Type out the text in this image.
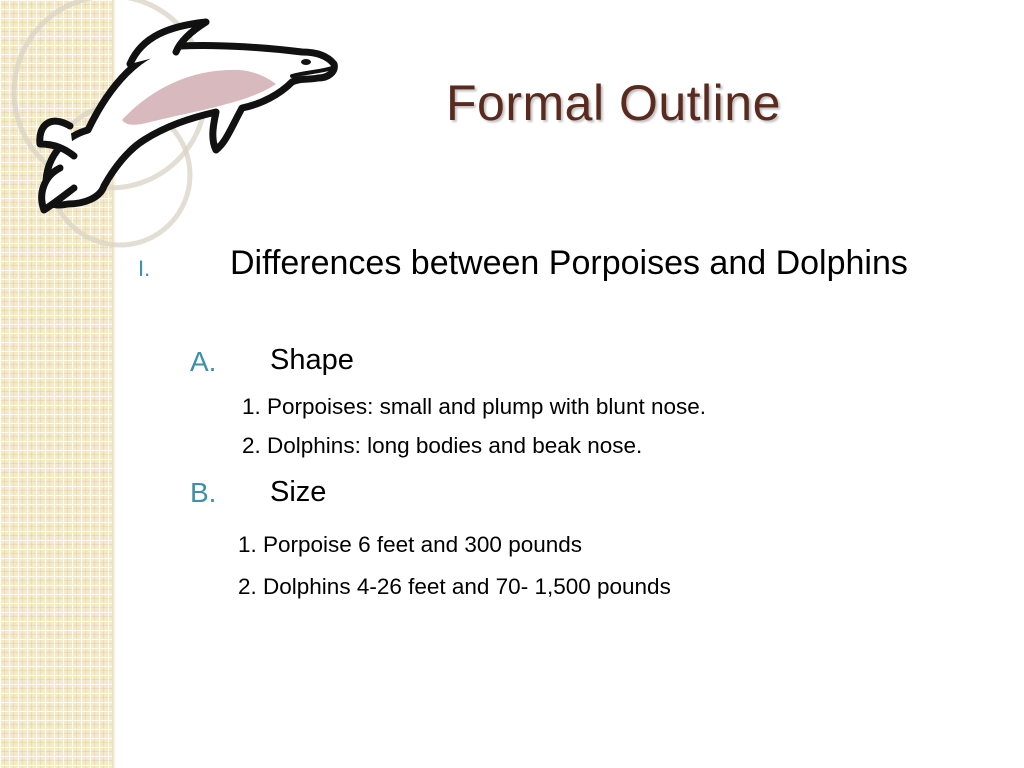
Formal Outline
I. Differences between Porpoises and Dolphins
A. Shape
1. Porpoises: small and plump with blunt nose.
2. Dolphins: long bodies and beak nose.
B. Size
1. Porpoise 6 feet and 300 pounds
2. Dolphins 4-26 feet and 70- 1,500 pounds
